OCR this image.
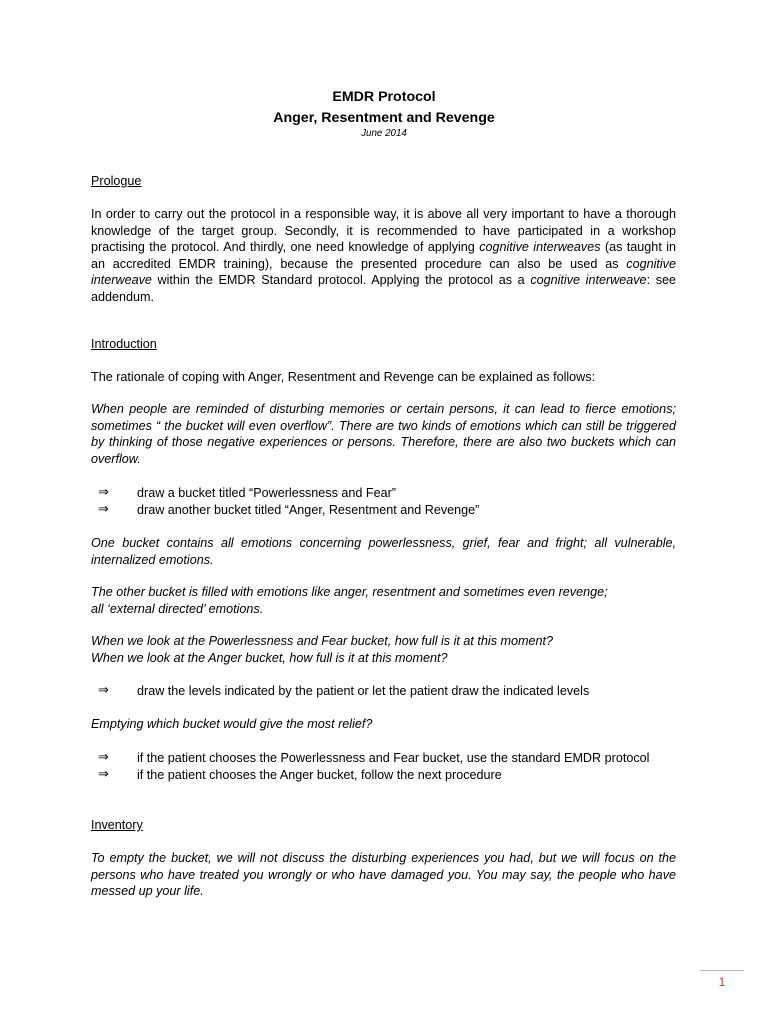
EMDR Protocol
Anger, Resentment and Revenge
June 2014
Prologue

In order to carry out the protocol in a responsible way, it is above all very important to have a thorough knowledge of the target group. Secondly, it is recommended to have participated in a workshop practising the protocol. And thirdly, one need knowledge of applying cognitive interweaves (as taught in an accredited EMDR training), because the presented procedure can also be used as cognitive interweave within the EMDR Standard protocol. Applying the protocol as a cognitive interweave: see addendum.

Introduction

The rationale of coping with Anger, Resentment and Revenge can be explained as follows:

When people are reminded of disturbing memories or certain persons, it can lead to fierce emotions; sometimes “ the bucket will even overflow”. There are two kinds of emotions which can still be triggered by thinking of those negative experiences or persons. Therefore, there are also two buckets which can overflow.

⇒ draw a bucket titled “Powerlessness and Fear”
⇒ draw another bucket titled “Anger, Resentment and Revenge”

One bucket contains all emotions concerning powerlessness, grief, fear and fright; all vulnerable, internalized emotions.

The other bucket is filled with emotions like anger, resentment and sometimes even revenge;
all ‘external directed’ emotions.

When we look at the Powerlessness and Fear bucket, how full is it at this moment?
When we look at the Anger bucket, how full is it at this moment?

⇒ draw the levels indicated by the patient or let the patient draw the indicated levels

Emptying which bucket would give the most relief?

⇒ if the patient chooses the Powerlessness and Fear bucket, use the standard EMDR protocol
⇒ if the patient chooses the Anger bucket, follow the next procedure
Inventory

To empty the bucket, we will not discuss the disturbing experiences you had, but we will focus on the persons who have treated you wrongly or who have damaged you. You may say, the people who have messed up your life.

1
